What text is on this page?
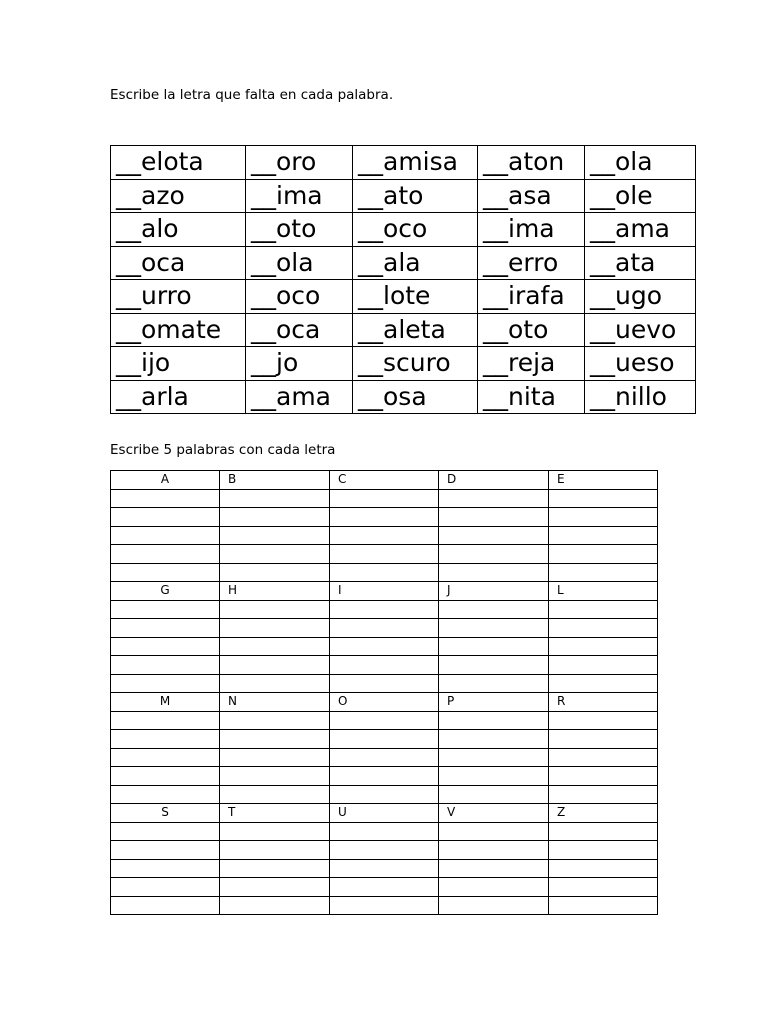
Escribe la letra que falta en cada palabra.
__elota	__oro	__amisa	__aton	__ola
__azo	__ima	__ato	__asa	__ole
__alo	__oto	__oco	__ima	__ama
__oca	__ola	__ala	__erro	__ata
__urro	__oco	__lote	__irafa	__ugo
__omate	__oca	__aleta	__oto	__uevo
__ijo	__jo	__scuro	__reja	__ueso
__arla	__ama	__osa	__nita	__nillo
Escribe 5 palabras con cada letra
A	B	C	D	E

G	H	I	J	L

M	N	O	P	R

S	T	U	V	Z
